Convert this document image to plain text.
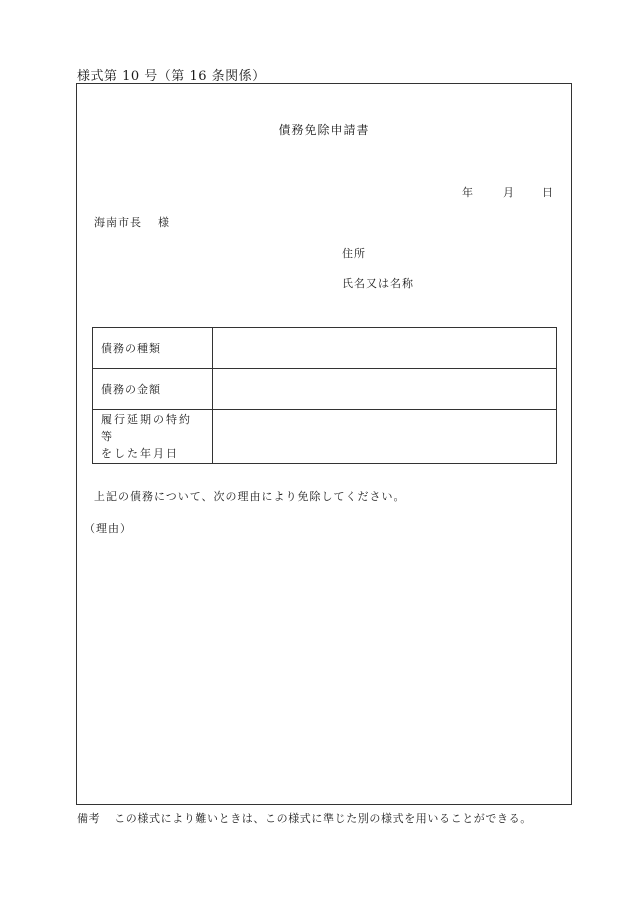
様式第 10 号（第 16 条関係）
債務免除申請書
年	月	日
海南市長 様
住所
氏名又は名称
債務の種類	
債務の金額	
履行延期の特約等
をした年月日	
上記の債務について、次の理由により免除してください。
（理由）
備考 この様式により難いときは、この様式に準じた別の様式を用いることができる。
